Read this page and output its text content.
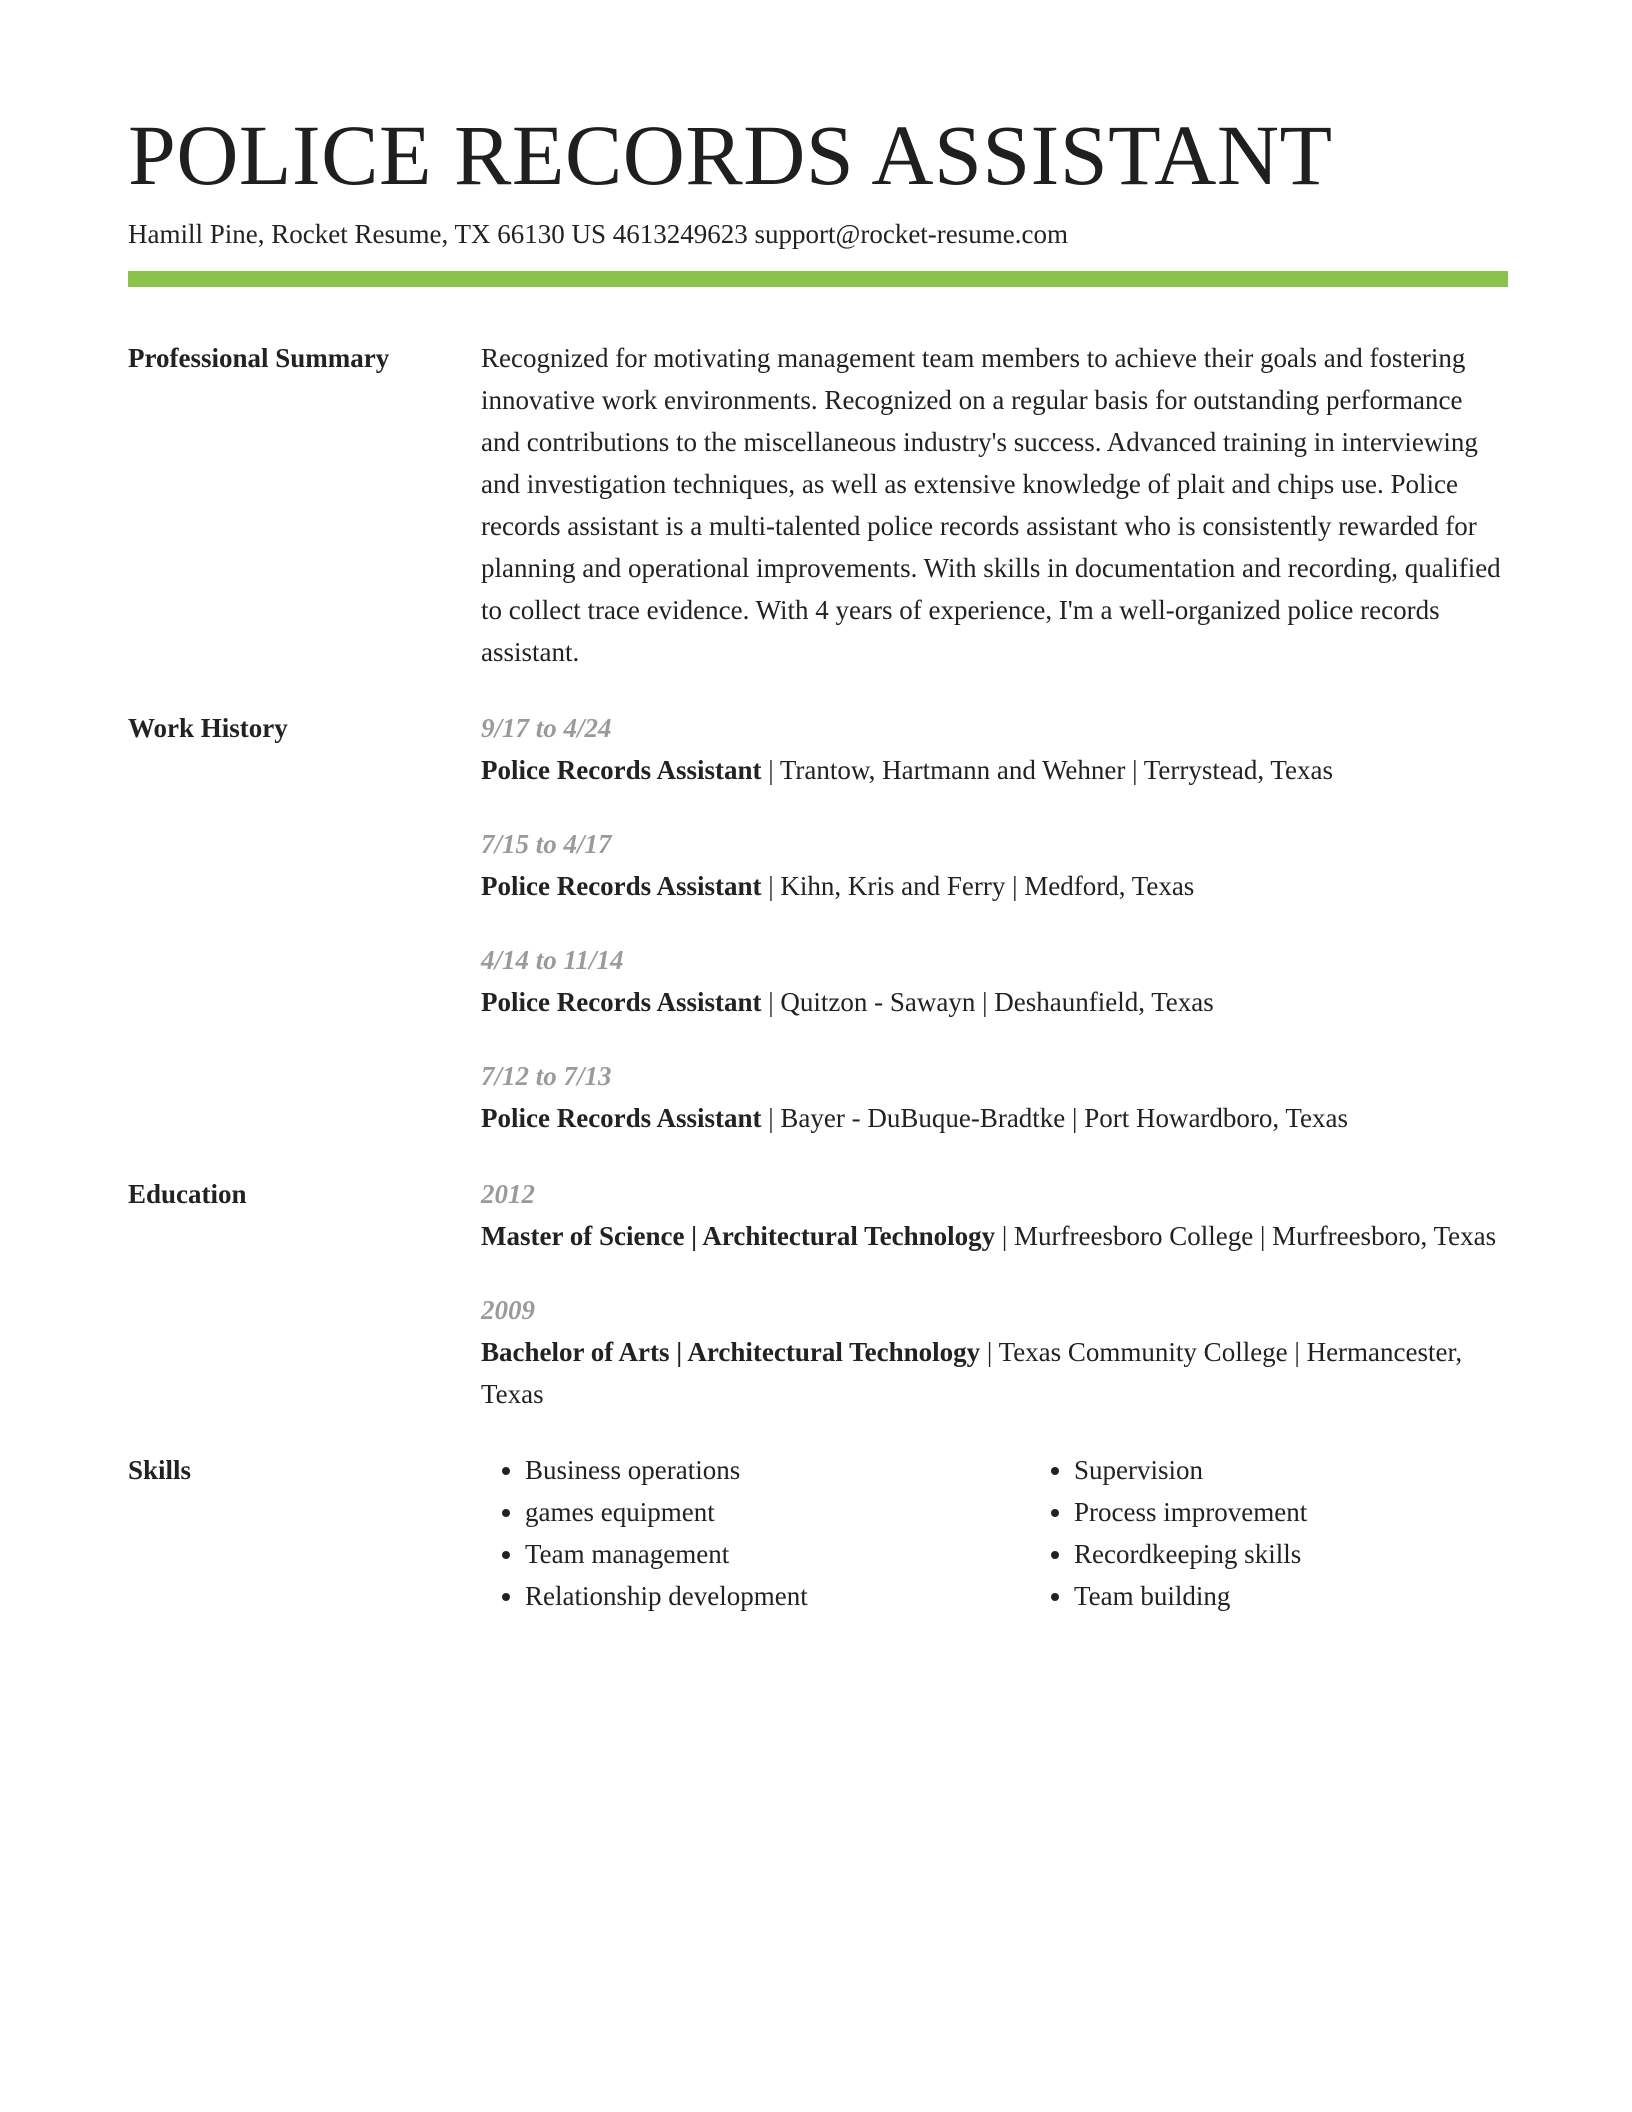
POLICE RECORDS ASSISTANT
Hamill Pine, Rocket Resume, TX 66130 US 4613249623 support@rocket-resume.com
Professional Summary	Recognized for motivating management team members to achieve their goals and fostering innovative work environments. Recognized on a regular basis for outstanding performance and contributions to the miscellaneous industry's success. Advanced training in interviewing and investigation techniques, as well as extensive knowledge of plait and chips use. Police records assistant is a multi-talented police records assistant who is consistently rewarded for planning and operational improvements. With skills in documentation and recording, qualified to collect trace evidence. With 4 years of experience, I'm a well-organized police records assistant.

Work History	9/17 to 4/24
Police Records Assistant | Trantow, Hartmann and Wehner | Terrystead, Texas
7/15 to 4/17
Police Records Assistant | Kihn, Kris and Ferry | Medford, Texas
4/14 to 11/14
Police Records Assistant | Quitzon - Sawayn | Deshaunfield, Texas
7/12 to 7/13
Police Records Assistant | Bayer - DuBuque-Bradtke | Port Howardboro, Texas
Education	2012
Master of Science | Architectural Technology | Murfreesboro College | Murfreesboro, Texas
2009
Bachelor of Arts | Architectural Technology | Texas Community College | Hermancester, Texas
Skills
•	Business operations
• games equipment
• Team management
• Relationship development
• Supervision
• Process improvement
• Recordkeeping skills
• Team building
